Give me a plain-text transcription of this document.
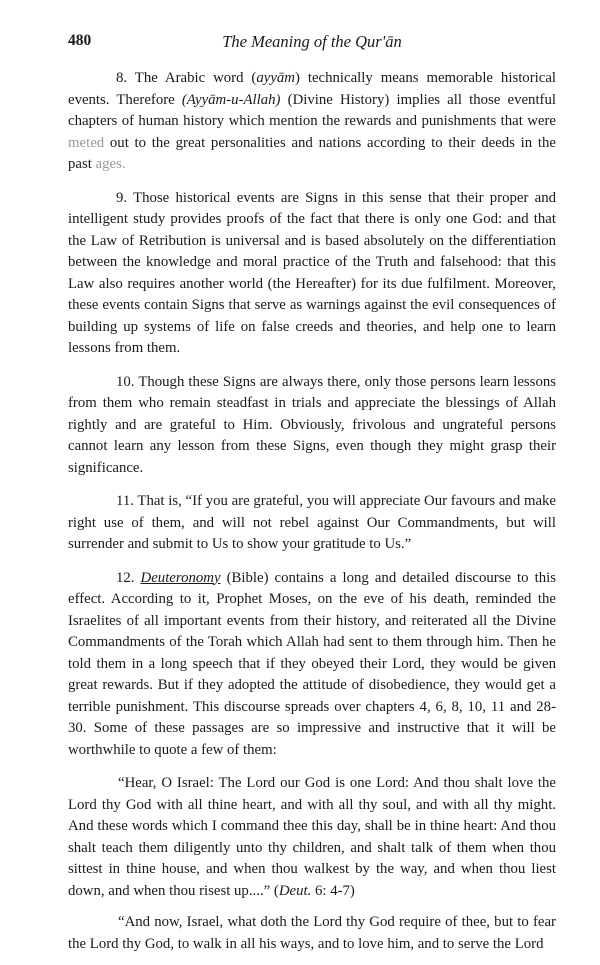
480	The Meaning of the Qur'ān

8. The Arabic word (ayyām) technically means memorable historical events. Therefore (Ayyām-u-Allah) (Divine History) implies all those eventful chapters of human history which mention the rewards and punishments that were meted out to the great personalities and nations according to their deeds in the past ages.

9. Those historical events are Signs in this sense that their proper and intelligent study provides proofs of the fact that there is only one God: and that the Law of Retribution is universal and is based absolutely on the differentiation between the knowledge and moral practice of the Truth and falsehood: that this Law also requires another world (the Hereafter) for its due fulfilment. Moreover, these events contain Signs that serve as warnings against the evil consequences of building up systems of life on false creeds and theories, and help one to learn lessons from them.

10. Though these Signs are always there, only those persons learn lessons from them who remain steadfast in trials and appreciate the blessings of Allah rightly and are grateful to Him. Obviously, frivolous and ungrateful persons cannot learn any lesson from these Signs, even though they might grasp their significance.

11. That is, “If you are grateful, you will appreciate Our favours and make right use of them, and will not rebel against Our Commandments, but will surrender and submit to Us to show your gratitude to Us.”

12. Deuteronomy (Bible) contains a long and detailed discourse to this effect. According to it, Prophet Moses, on the eve of his death, reminded the Israelites of all important events from their history, and reiterated all the Divine Commandments of the Torah which Allah had sent to them through him. Then he told them in a long speech that if they obeyed their Lord, they would be given great rewards. But if they adopted the attitude of disobedience, they would get a terrible punishment. This discourse spreads over chapters 4, 6, 8, 10, 11 and 28-30. Some of these passages are so impressive and instructive that it will be worthwhile to quote a few of them:

“Hear, O Israel: The Lord our God is one Lord: And thou shalt love the Lord thy God with all thine heart, and with all thy soul, and with all thy might. And these words which I command thee this day, shall be in thine heart: And thou shalt teach them diligently unto thy children, and shalt talk of them when thou sittest in thine house, and when thou walkest by the way, and when thou liest down, and when thou risest up....” (Deut. 6: 4-7)

“And now, Israel, what doth the Lord thy God require of thee, but to fear the Lord thy God, to walk in all his ways, and to love him, and to serve the Lord
